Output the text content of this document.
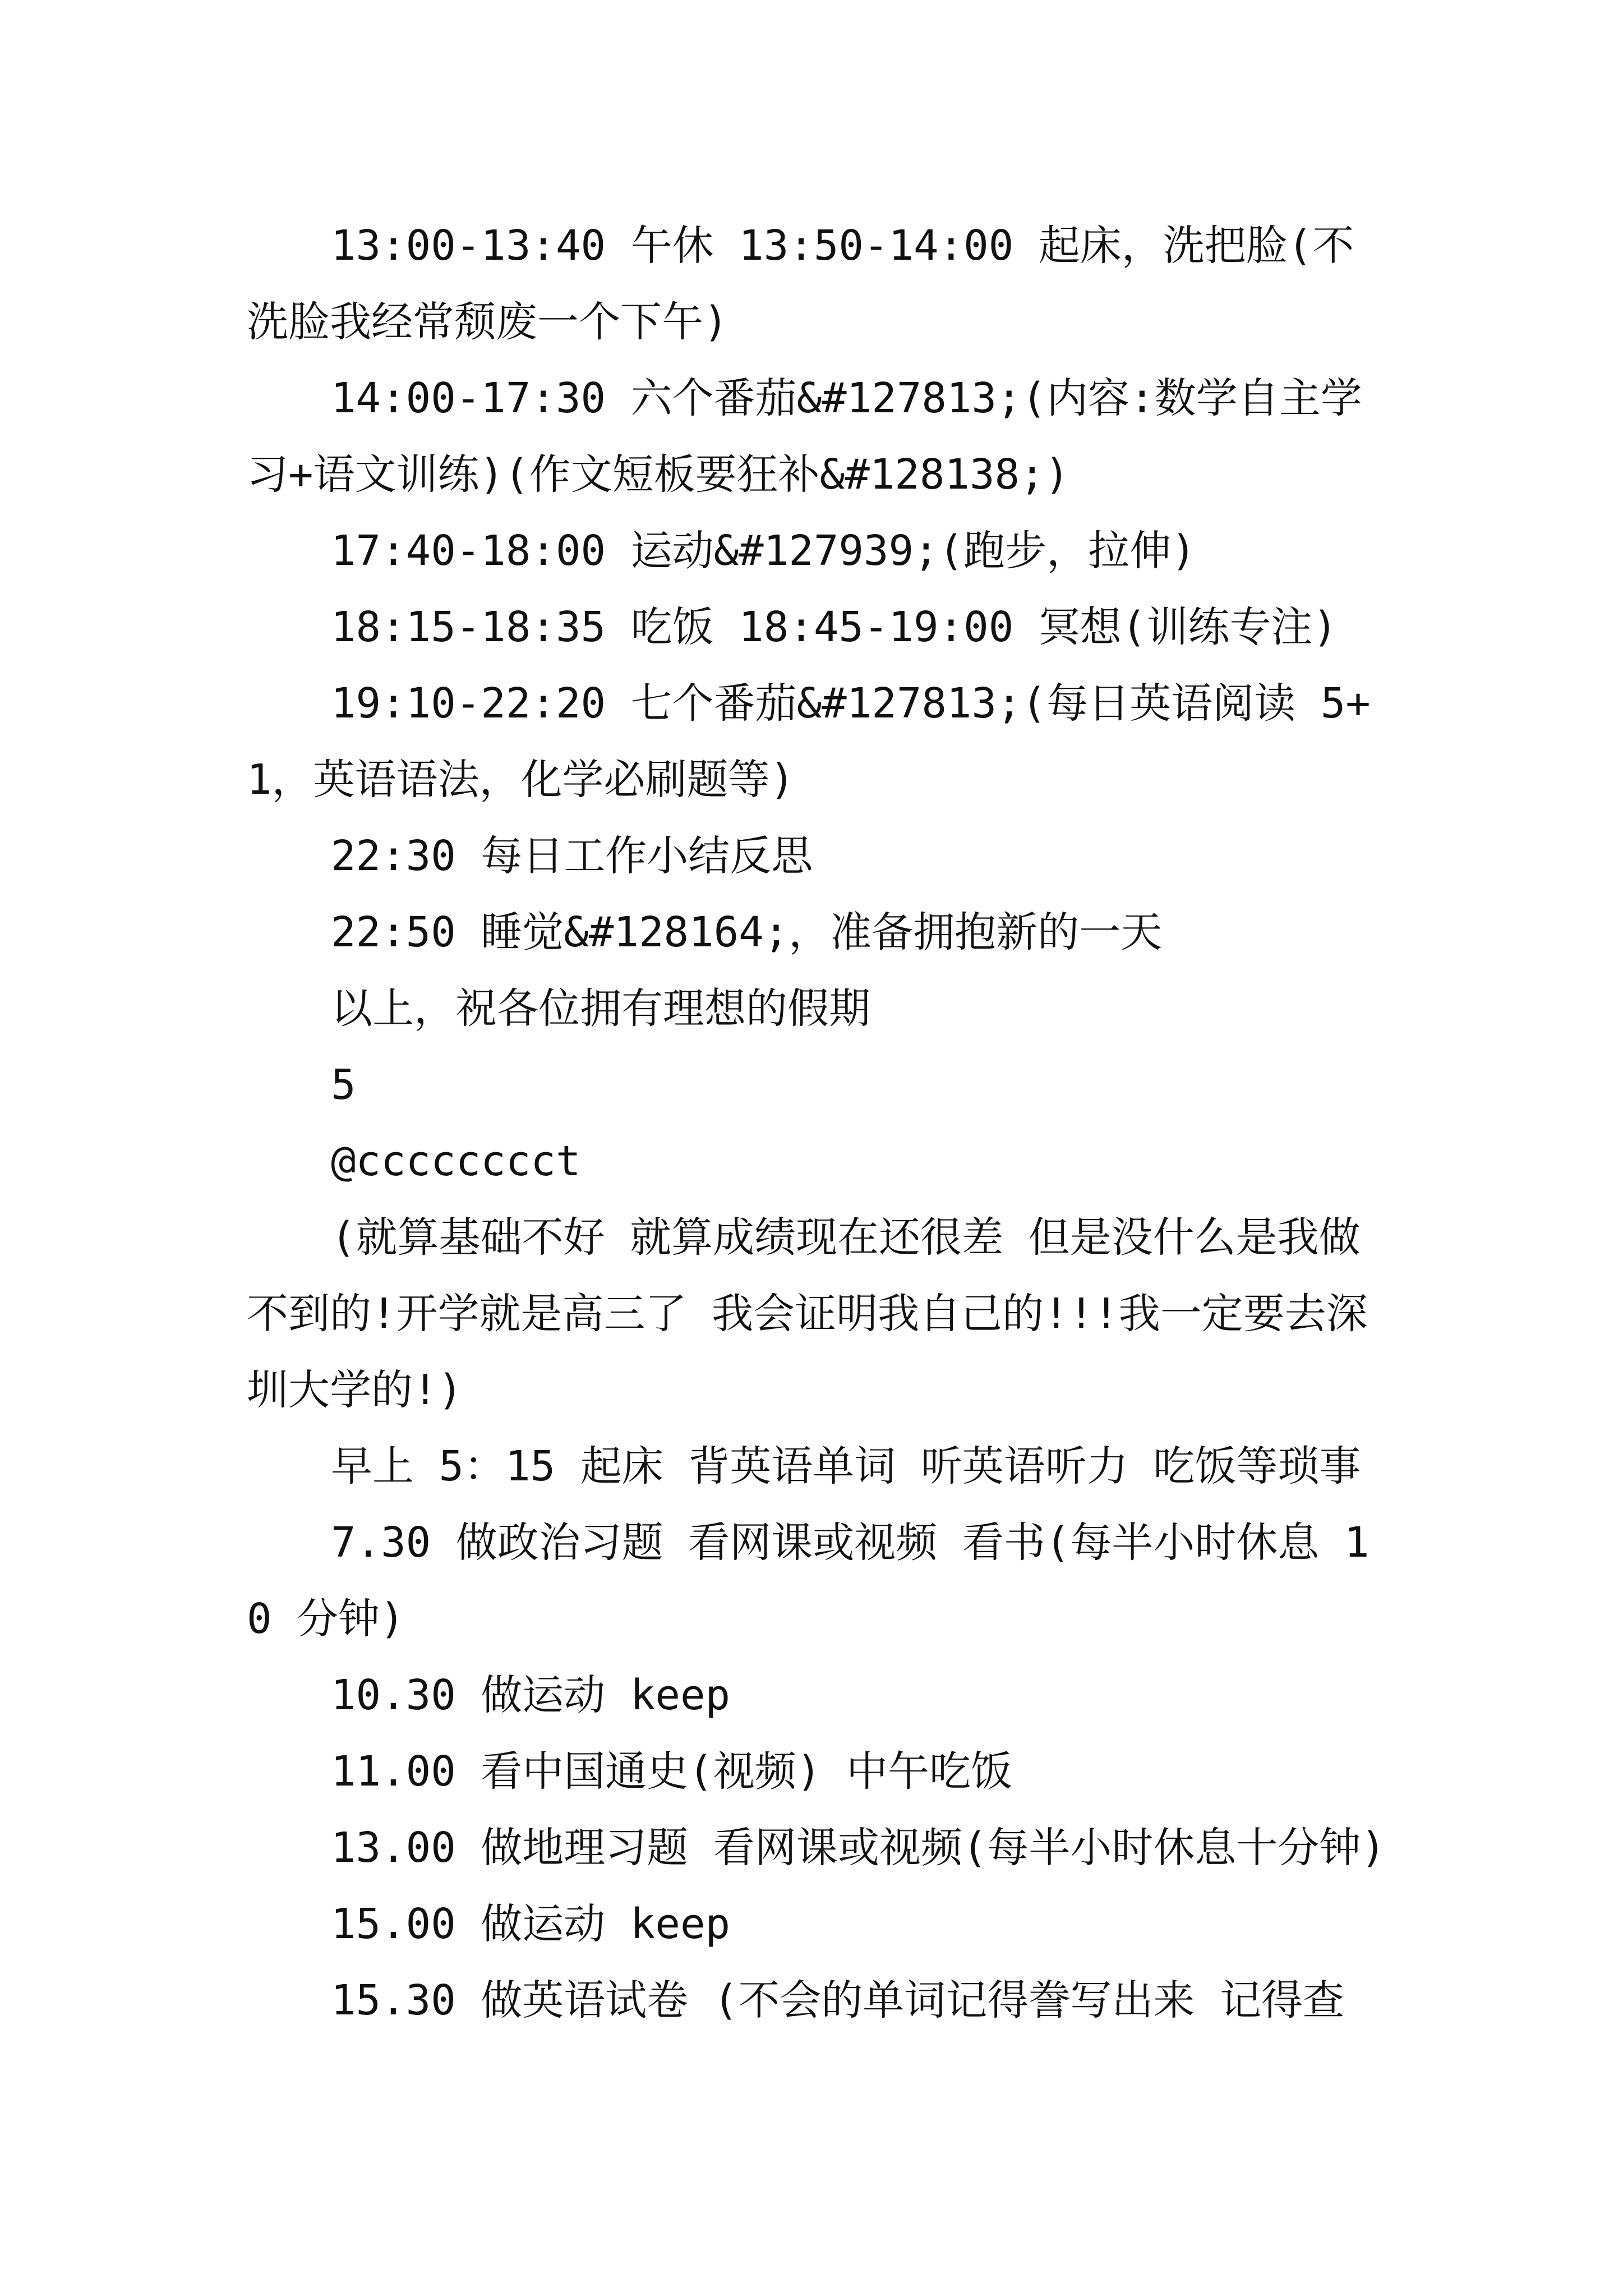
13:00-13:40 午休 13:50-14:00 起床，洗把脸(不洗脸我经常颓废一个下午)

14:00-17:30 六个番茄&#127813;(内容:数学自主学习+语文训练)(作文短板要狂补&#128138;)

17:40-18:00 运动&#127939;(跑步，拉伸)

18:15-18:35 吃饭 18:45-19:00 冥想(训练专注)

19:10-22:20 七个番茄&#127813;(每日英语阅读 5+1，英语语法，化学必刷题等)

22:30 每日工作小结反思

22:50 睡觉&#128164;，准备拥抱新的一天

以上，祝各位拥有理想的假期

5

@cccccccct

(就算基础不好 就算成绩现在还很差 但是没什么是我做不到的!开学就是高三了 我会证明我自己的!!!我一定要去深圳大学的!)

早上 5：15 起床 背英语单词 听英语听力 吃饭等琐事

7.30 做政治习题 看网课或视频 看书(每半小时休息 10 分钟)

10.30 做运动 keep

11.00 看中国通史(视频) 中午吃饭

13.00 做地理习题 看网课或视频(每半小时休息十分钟)

15.00 做运动 keep

15.30 做英语试卷 (不会的单词记得誊写出来 记得查
